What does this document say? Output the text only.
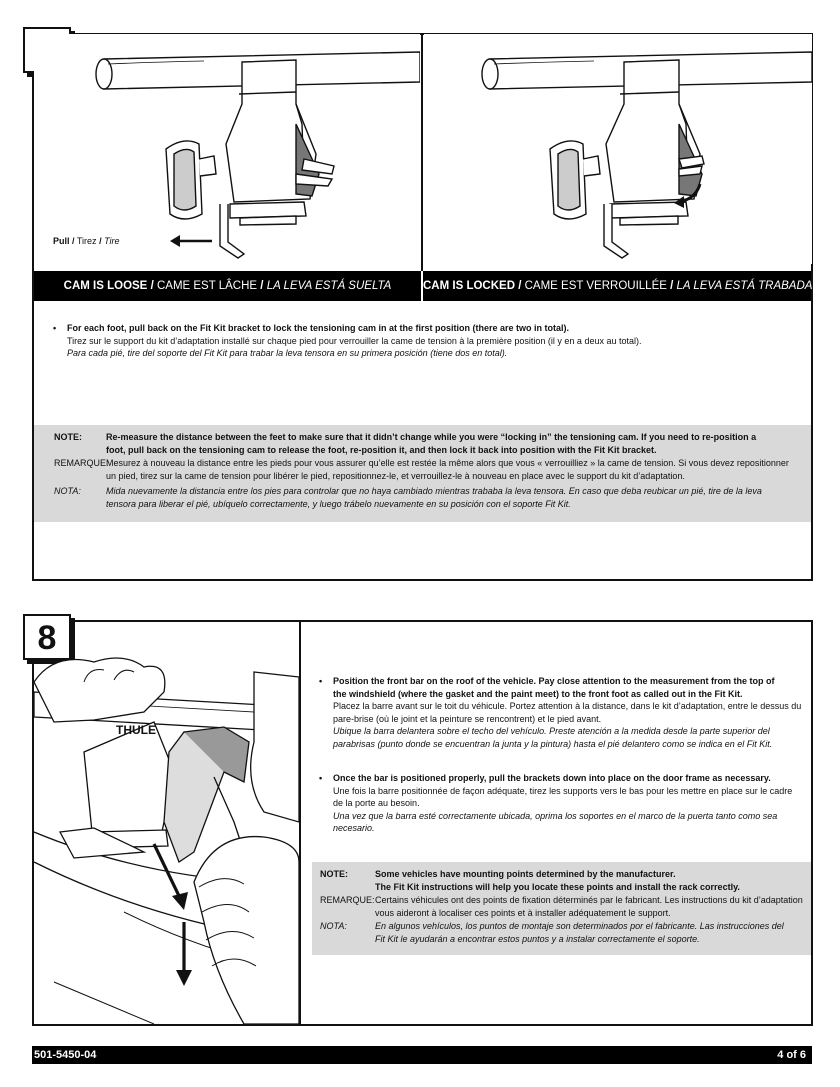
Pull / Tirez / Tire
CAM IS LOOSE / CAME EST LÂCHE / LA LEVA ESTÁ SUELTA	CAM IS LOCKED / CAME EST VERROUILLÉE / LA LEVA ESTÁ TRABADA
• For each foot, pull back on the Fit Kit bracket to lock the tensioning cam in at the first position (there are two in total).
Tirez sur le support du kit d’adaptation installé sur chaque pied pour verrouiller la came de tension à la première position (il y en a deux au total).
Para cada pié, tire del soporte del Fit Kit para trabar la leva tensora en su primera posición (tiene dos en total).
NOTE:	Re-measure the distance between the feet to make sure that it didn’t change while you were “locking in” the tensioning cam. If you need to re-position a
foot, pull back on the tensioning cam to release the foot, re-position it, and then lock it back into position with the Fit Kit bracket.
REMARQUE:
Mesurez à nouveau la distance entre les pieds pour vous assurer qu’elle est restée la même alors que vous « verrouilliez » la came de tension. Si vous devez repositionner
un pied, tirez sur la came de tension pour libérer le pied, repositionnez-le, et verrouillez-le à nouveau en place avec le support du kit d’adaptation.
NOTA:	Mida nuevamente la distancia entre los pies para controlar que no haya cambiado mientras trababa la leva tensora. En caso que deba reubicar un pié, tire de la leva
tensora para liberar el pié, ubíquelo correctamente, y luego trábelo nuevamente en su posición con el soporte Fit Kit.
8
THULE
• Position the front bar on the roof of the vehicle. Pay close attention to the measurement from the top of
the windshield (where the gasket and the paint meet) to the front foot as called out in the Fit Kit.
Placez la barre avant sur le toit du véhicule. Portez attention à la distance, dans le kit d’adaptation, entre le dessus du
pare-brise (où le joint et la peinture se rencontrent) et le pied avant.
Ubique la barra delantera sobre el techo del vehículo. Preste atención a la medida desde la parte superior del
parabrisas (punto donde se encuentran la junta y la pintura) hasta el pié delantero como se indica en el Fit Kit.
• Once the bar is positioned properly, pull the brackets down into place on the door frame as necessary.
Une fois la barre positionnée de façon adéquate, tirez les supports vers le bas pour les mettre en place sur le cadre
de la porte au besoin.
Una vez que la barra esté correctamente ubicada, oprima los soportes en el marco de la puerta tanto como sea
necesario.
NOTE:	Some vehicles have mounting points determined by the manufacturer.
The Fit Kit instructions will help you locate these points and install the rack correctly.
REMARQUE: Certains véhicules ont des points de fixation déterminés par le fabricant. Les instructions du kit d’adaptation
vous aideront à localiser ces points et à installer adéquatement le support.
NOTA:	En algunos vehículos, los puntos de montaje son determinados por el fabricante. Las instrucciones del
Fit Kit le ayudarán a encontrar estos puntos y a instalar correctamente el soporte.
501-5450-04	4 of 6
